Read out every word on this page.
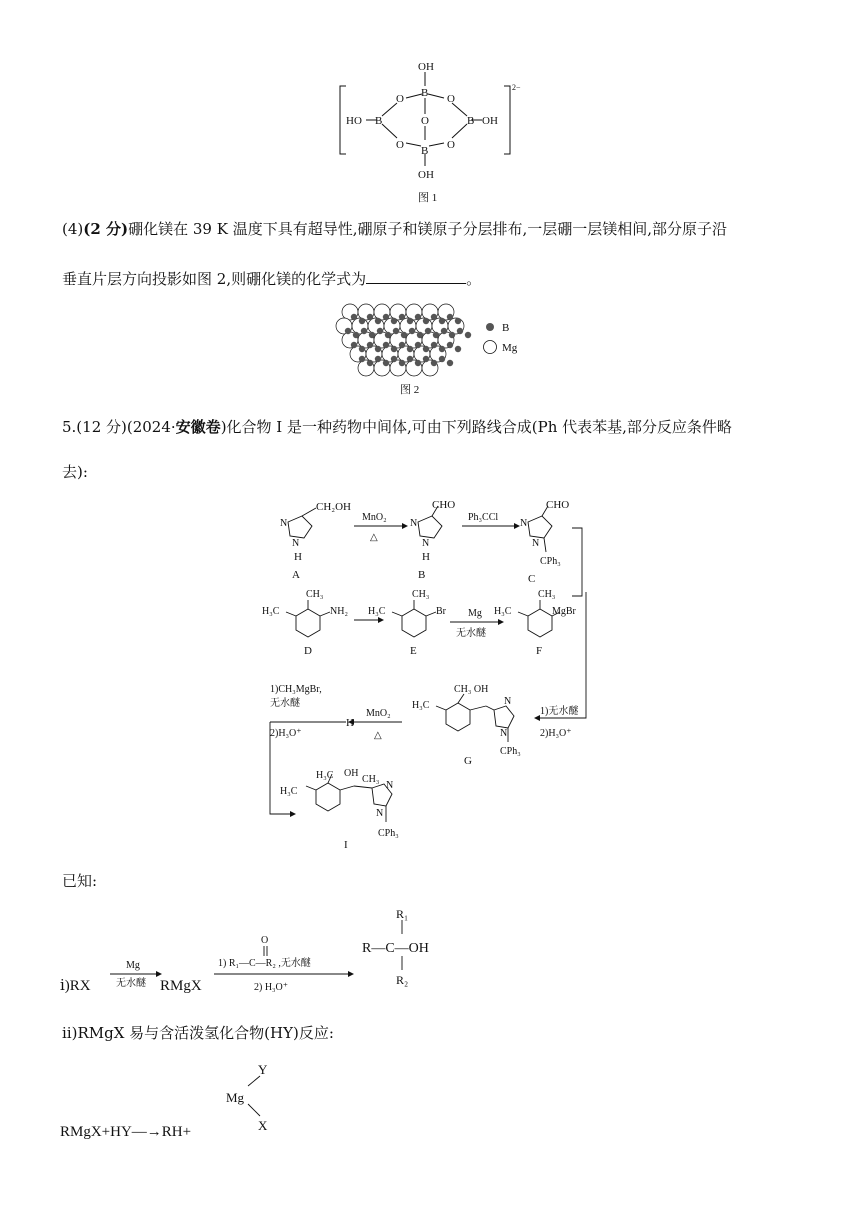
2−
OH
O B O
HO B	O	B OH
O B O
OH
图 1
(4)(2 分)硼化镁在 39 K 温度下具有超导性,硼原子和镁原子分层排布,一层硼一层镁相间,部分原子沿
垂直片层方向投影如图 2,则硼化镁的化学式为	。
B
Mg
图 2
5.(12 分)(2024·安徽卷)化合物 I 是一种药物中间体,可由下列路线合成(Ph 代表苯基,部分反应条件略
去):
CH₂OH
N
N
H
A
MnO₂
△
CHO
N
N
H
B
Ph₃CCl
CHO
N
N
CPh₃
C
CH₃
H₃C	NH₂
D
CH₃
H₃C	Br
E
Mg
无水醚
CH₃
H₃C	MgBr
F
1)无水醚
2)H₃O⁺
CH₃ OH
H₃C	N
N
CPh₃
G
MnO₂
△
H
1)CH₃MgBr,
无水醚
2)H₃O⁺
H₃C
H₃C
OH
CH₃
N
N
CPh₃
I
已知:
ⅰ)RX
Mg
无水醚 RMgX
O
1) R₁—C—R₂ ,无水醚
2) H₃O⁺
R₁
R—C—OH
R₂
ⅱ)RMgX 易与含活泼氢化合物(HY)反应:
RMgX+HY—→RH+
Y
Mg
X
